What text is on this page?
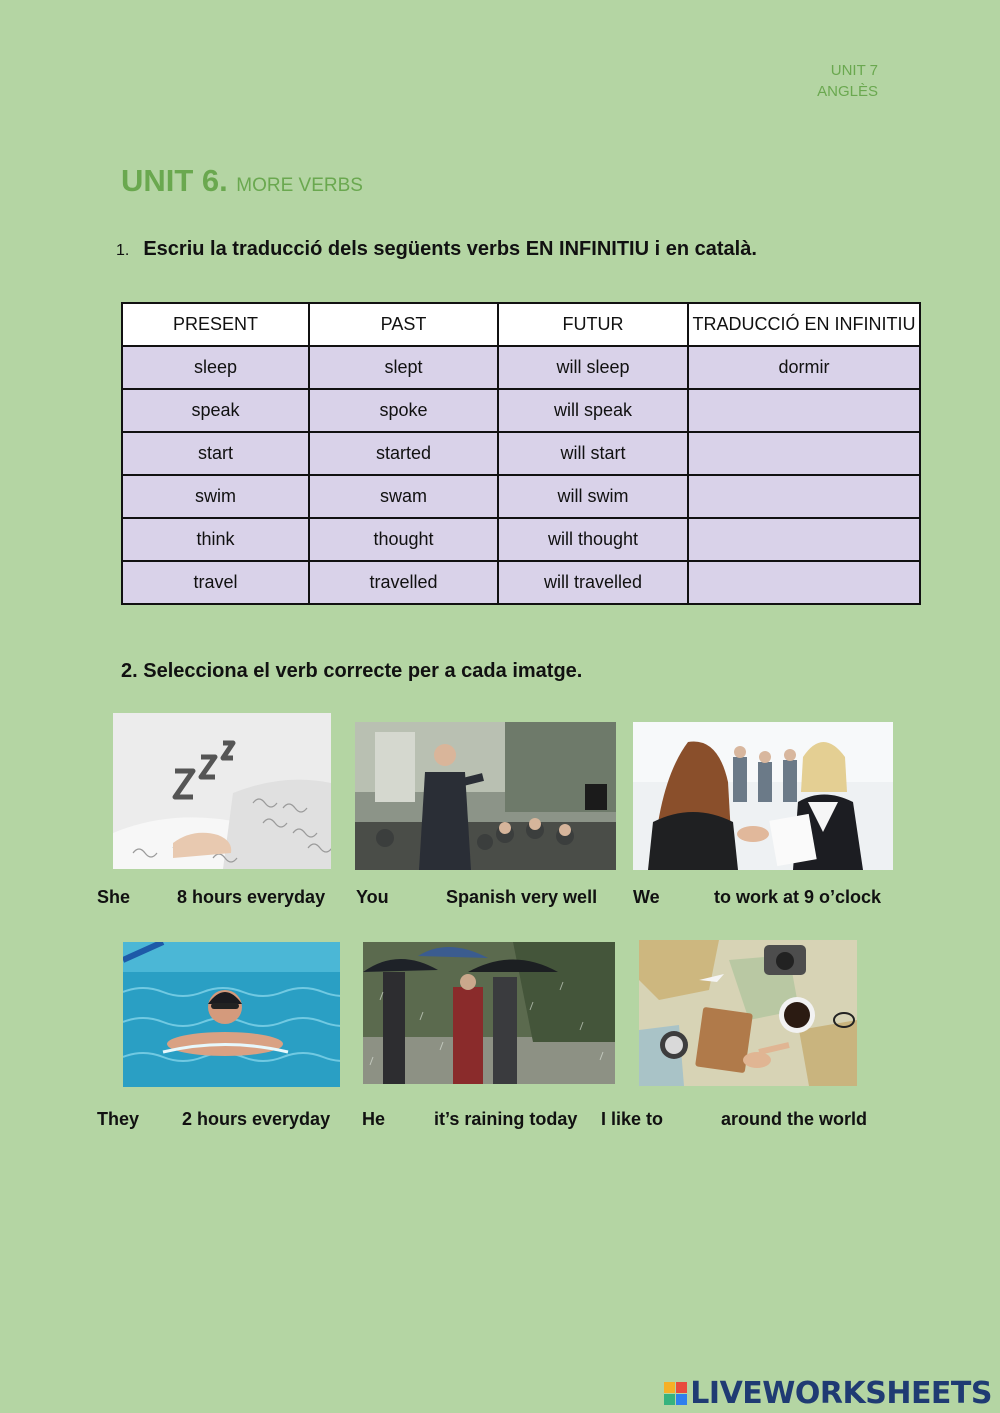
UNIT 7
ANGLÈS
UNIT 6. MORE VERBS
1. Escriu la traducció dels següents verbs EN INFINITIU i en català.
PRESENT	PAST	FUTUR	TRADUCCIÓ EN INFINITIU
sleep	slept	will sleep	dormir
speak	spoke	will speak	
start	started	will start	
swim	swam	will swim	
think	thought	will thought	
travel	travelled	will travelled	
2. Selecciona el verb correcte per a cada imatge.
She	8 hours everyday You	Spanish very well We	to work at 9 o’clock
They 2 hours everyday He	it’s raining today I like to	around the world
LIVEWORKSHEETS
